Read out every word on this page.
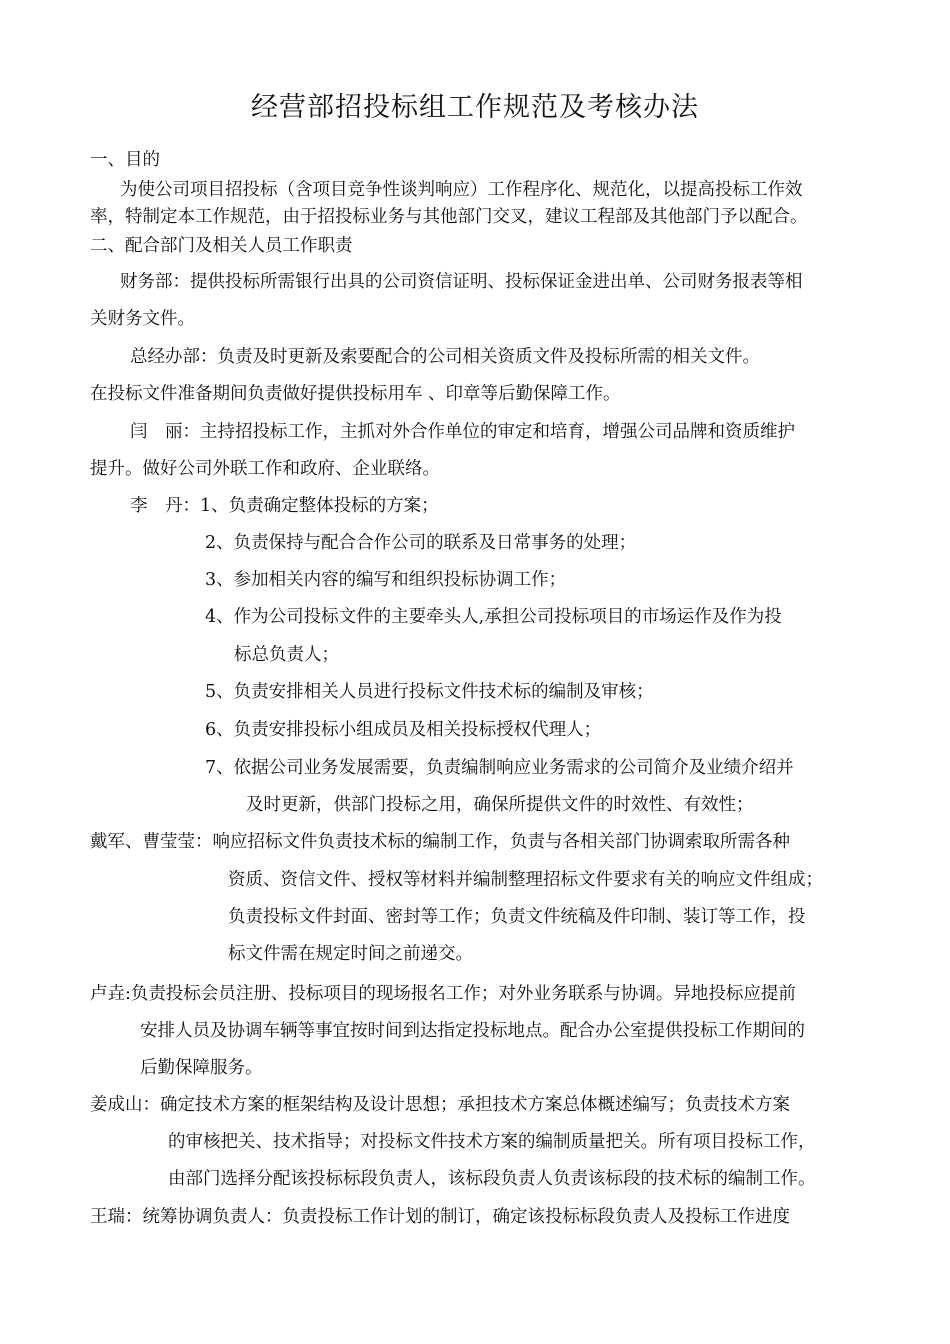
经营部招投标组工作规范及考核办法
一、目的
为使公司项目招投标（含项目竞争性谈判响应）工作程序化、规范化，以提高投标工作效
率，特制定本工作规范，由于招投标业务与其他部门交叉，建议工程部及其他部门予以配合。
二、配合部门及相关人员工作职责
财务部：提供投标所需银行出具的公司资信证明、投标保证金进出单、公司财务报表等相
关财务文件。
总经办部：负责及时更新及索要配合的公司相关资质文件及投标所需的相关文件。
在投标文件准备期间负责做好提供投标用车 、印章等后勤保障工作。
闫　丽：主持招投标工作，主抓对外合作单位的审定和培育，增强公司品牌和资质维护
提升。做好公司外联工作和政府、企业联络。
李　丹：1、负责确定整体投标的方案；
2、负责保持与配合合作公司的联系及日常事务的处理；
3、参加相关内容的编写和组织投标协调工作；
4、作为公司投标文件的主要牵头人,承担公司投标项目的市场运作及作为投
标总负责人；
5、负责安排相关人员进行投标文件技术标的编制及审核；
6、负责安排投标小组成员及相关投标授权代理人；
7、依据公司业务发展需要，负责编制响应业务需求的公司简介及业绩介绍并
及时更新，供部门投标之用，确保所提供文件的时效性、有效性；
戴军、曹莹莹：响应招标文件负责技术标的编制工作，负责与各相关部门协调索取所需各种
资质、资信文件、授权等材料并编制整理招标文件要求有关的响应文件组成；
负责投标文件封面、密封等工作；负责文件统稿及件印制、装订等工作，投
标文件需在规定时间之前递交。
卢垚:负责投标会员注册、投标项目的现场报名工作；对外业务联系与协调。异地投标应提前
安排人员及协调车辆等事宜按时间到达指定投标地点。配合办公室提供投标工作期间的
后勤保障服务。
姜成山：确定技术方案的框架结构及设计思想；承担技术方案总体概述编写；负责技术方案
的审核把关、技术指导；对投标文件技术方案的编制质量把关。所有项目投标工作，
由部门选择分配该投标标段负责人，该标段负责人负责该标段的技术标的编制工作。
王瑞：统筹协调负责人：负责投标工作计划的制订，确定该投标标段负责人及投标工作进度
